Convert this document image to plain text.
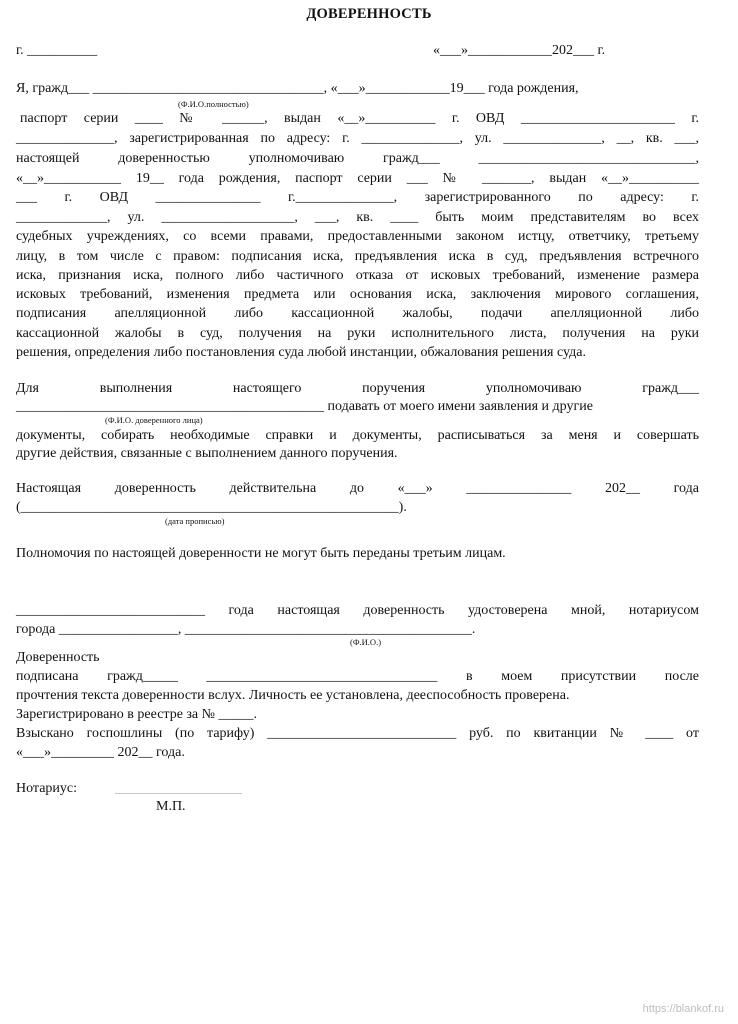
ДОВЕРЕННОСТЬ
г. __________	«___»____________202___ г.
Я, гражд___ _________________________________, «___»____________19___ года рождения,
(Ф.И.О.полностью)
паспорт серии ____ № ______, выдан «__»__________ г. ОВД ______________________ г.
______________, зарегистрированная по адресу: г. ______________, ул. ______________, __, кв. ___,
настоящей доверенностью уполномочиваю гражд___ _______________________________,
«__»___________ 19__ года рождения, паспорт серии ___ № _______, выдан «__»__________
___ г. ОВД _______________ г.______________, зарегистрированного по адресу: г.
_____________, ул. ___________________, ___, кв. ____ быть моим представителям во всех
судебных учреждениях, со всеми правами, предоставленными законом истцу, ответчику, третьему
лицу, в том числе с правом: подписания иска, предъявления иска в суд, предъявления встречного
иска, признания иска, полного либо частичного отказа от исковых требований, изменение размера
исковых требований, изменения предмета или основания иска, заключения мирового соглашения,
подписания апелляционной либо кассационной жалобы, подачи апелляционной либо
кассационной жалобы в суд, получения на руки исполнительного листа, получения на руки
решения, определения либо постановления суда любой инстанции, обжалования решения суда.
Для выполнения настоящего поручения уполномочиваю гражд___
____________________________________________ подавать от моего имени заявления и другие
(Ф.И.О. доверенного лица)
документы, собирать необходимые справки и документы, расписываться за меня и совершать
другие действия, связанные с выполнением данного поручения.
Настоящая доверенность действительна до «___» _______________ 202__ года
(______________________________________________________).
(дата прописью)
Полномочия по настоящей доверенности не могут быть переданы третьим лицам.
___________________________ года настоящая доверенность удостоверена мной, нотариусом
города _________________, _________________________________________.
(Ф.И.О.)
Доверенность
подписана гражд_____ _________________________________ в моем присутствии после
прочтения текста доверенности вслух. Личность ее установлена, дееспособность проверена.
Зарегистрировано в реестре за № _____.
Взыскано госпошлины (по тарифу) ___________________________ руб. по квитанции № ____ от
«___»_________ 202__ года.
Нотариус:
М.П.
https://blankof.ru
